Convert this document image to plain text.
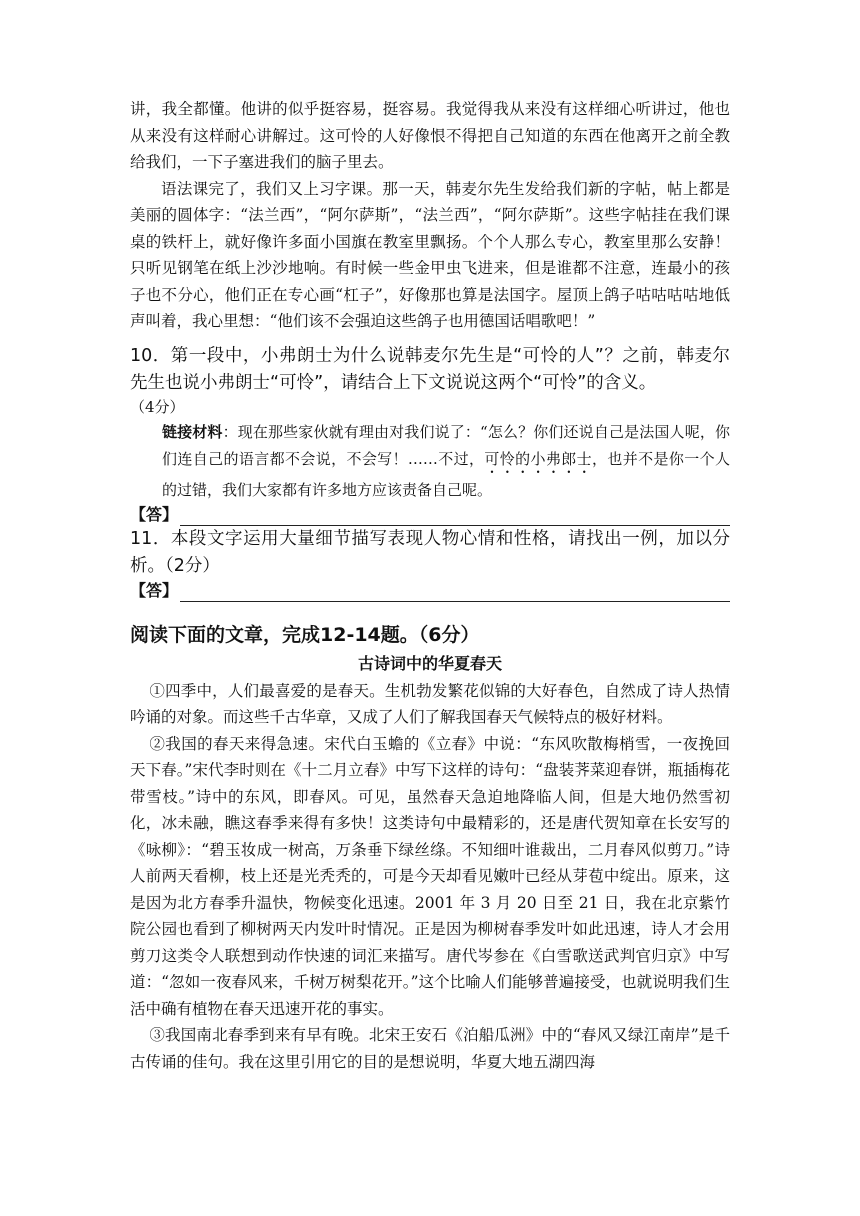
讲，我全都懂。他讲的似乎挺容易，挺容易。我觉得我从来没有这样细心听讲过，他也从来没有这样耐心讲解过。这可怜的人好像恨不得把自己知道的东西在他离开之前全教给我们，一下子塞进我们的脑子里去。

语法课完了，我们又上习字课。那一天，韩麦尔先生发给我们新的字帖，帖上都是美丽的圆体字：“法兰西”，“阿尔萨斯”，“法兰西”，“阿尔萨斯”。这些字帖挂在我们课桌的铁杆上，就好像许多面小国旗在教室里飘扬。个个人那么专心，教室里那么安静！只听见钢笔在纸上沙沙地响。有时候一些金甲虫飞进来，但是谁都不注意，连最小的孩子也不分心，他们正在专心画“杠子”，好像那也算是法国字。屋顶上鸽子咕咕咕咕地低声叫着，我心里想：“他们该不会强迫这些鸽子也用德国话唱歌吧！”

10．第一段中，小弗朗士为什么说韩麦尔先生是“可怜的人”？之前，韩麦尔先生也说小弗朗士“可怜”，请结合上下文说说这两个“可怜”的含义。

（4分）

链接材料：现在那些家伙就有理由对我们说了：“怎么？你们还说自己是法国人呢，你们连自己的语言都不会说，不会写！……不过，可怜的小弗郎士，也并不是你一个人的过错，我们大家都有许多地方应该责备自己呢。

【答】

11．本段文字运用大量细节描写表现人物心情和性格，请找出一例，加以分析。（2分）

【答】

阅读下面的文章，完成12-14题。（6分）

古诗词中的华夏春天

①四季中，人们最喜爱的是春天。生机勃发繁花似锦的大好春色，自然成了诗人热情吟诵的对象。而这些千古华章，又成了人们了解我国春天气候特点的极好材料。

②我国的春天来得急速。宋代白玉蟾的《立春》中说：“东风吹散梅梢雪，一夜挽回天下春。”宋代李时则在《十二月立春》中写下这样的诗句：“盘装荠菜迎春饼，瓶插梅花带雪枝。”诗中的东风，即春风。可见，虽然春天急迫地降临人间，但是大地仍然雪初化，冰未融，瞧这春季来得有多快！这类诗句中最精彩的，还是唐代贺知章在长安写的《咏柳》：“碧玉妆成一树高，万条垂下绿丝绦。不知细叶谁裁出，二月春风似剪刀。”诗人前两天看柳，枝上还是光秃秃的，可是今天却看见嫩叶已经从芽苞中绽出。原来，这是因为北方春季升温快，物候变化迅速。2001 年 3 月 20 日至 21 日，我在北京紫竹院公园也看到了柳树两天内发叶时情况。正是因为柳树春季发叶如此迅速，诗人才会用剪刀这类令人联想到动作快速的词汇来描写。唐代岑参在《白雪歌送武判官归京》中写道：“忽如一夜春风来，千树万树梨花开。”这个比喻人们能够普遍接受，也就说明我们生活中确有植物在春天迅速开花的事实。

③我国南北春季到来有早有晚。北宋王安石《泊船瓜洲》中的“春风又绿江南岸”是千古传诵的佳句。我在这里引用它的目的是想说明，华夏大地五湖四海
